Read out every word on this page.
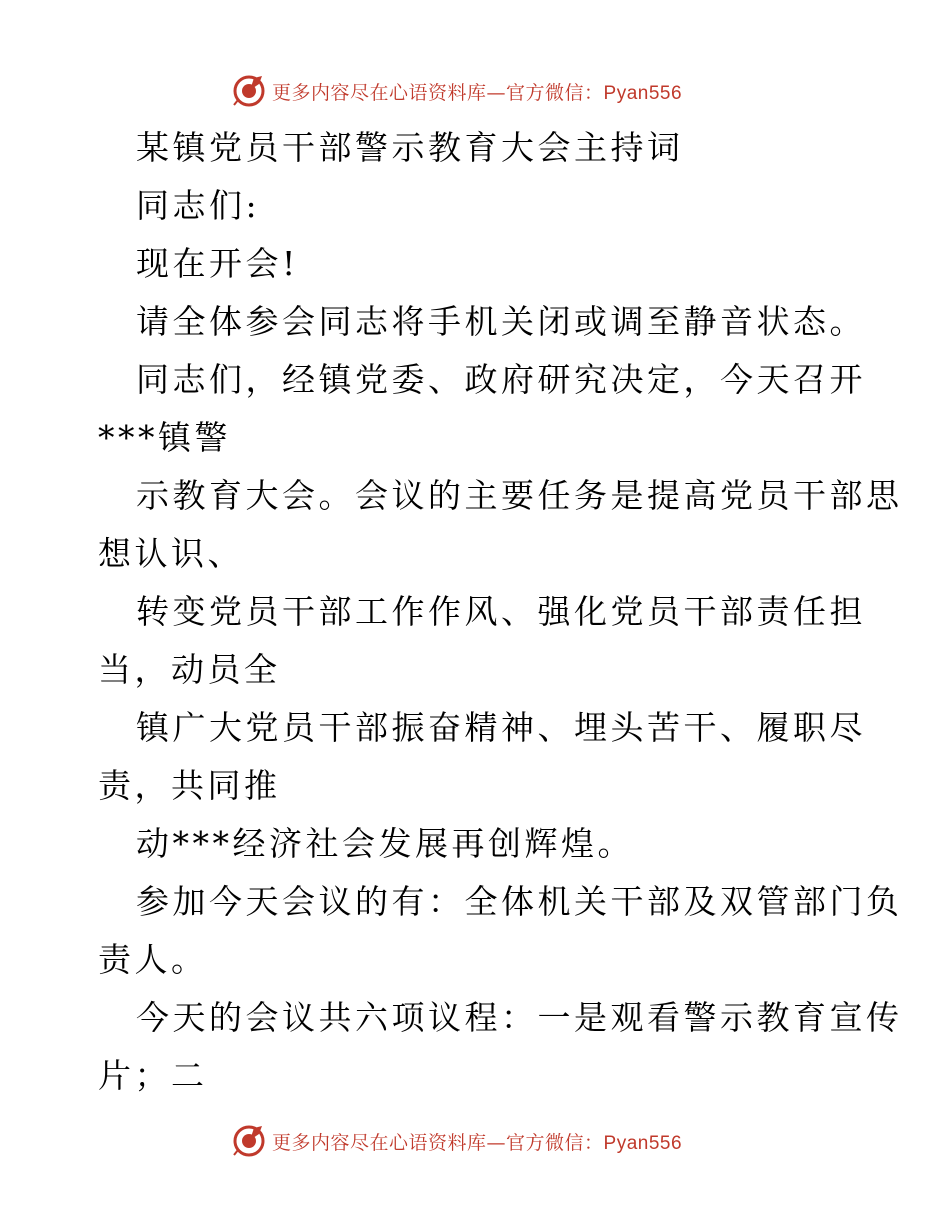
更多内容尽在心语资料库—官方微信：Pyan556
某镇党员干部警示教育大会主持词
同志们:
现在开会!
请全体参会同志将手机关闭或调至静音状态。
同志们，经镇党委、政府研究决定，今天召开
***镇警
示教育大会。会议的主要任务是提高党员干部思
想认识、
转变党员干部工作作风、强化党员干部责任担
当，动员全
镇广大党员干部振奋精神、埋头苦干、履职尽
责，共同推
动***经济社会发展再创辉煌。
参加今天会议的有：全体机关干部及双管部门负
责人。
今天的会议共六项议程：一是观看警示教育宣传
片；二
更多内容尽在心语资料库—官方微信：Pyan556
